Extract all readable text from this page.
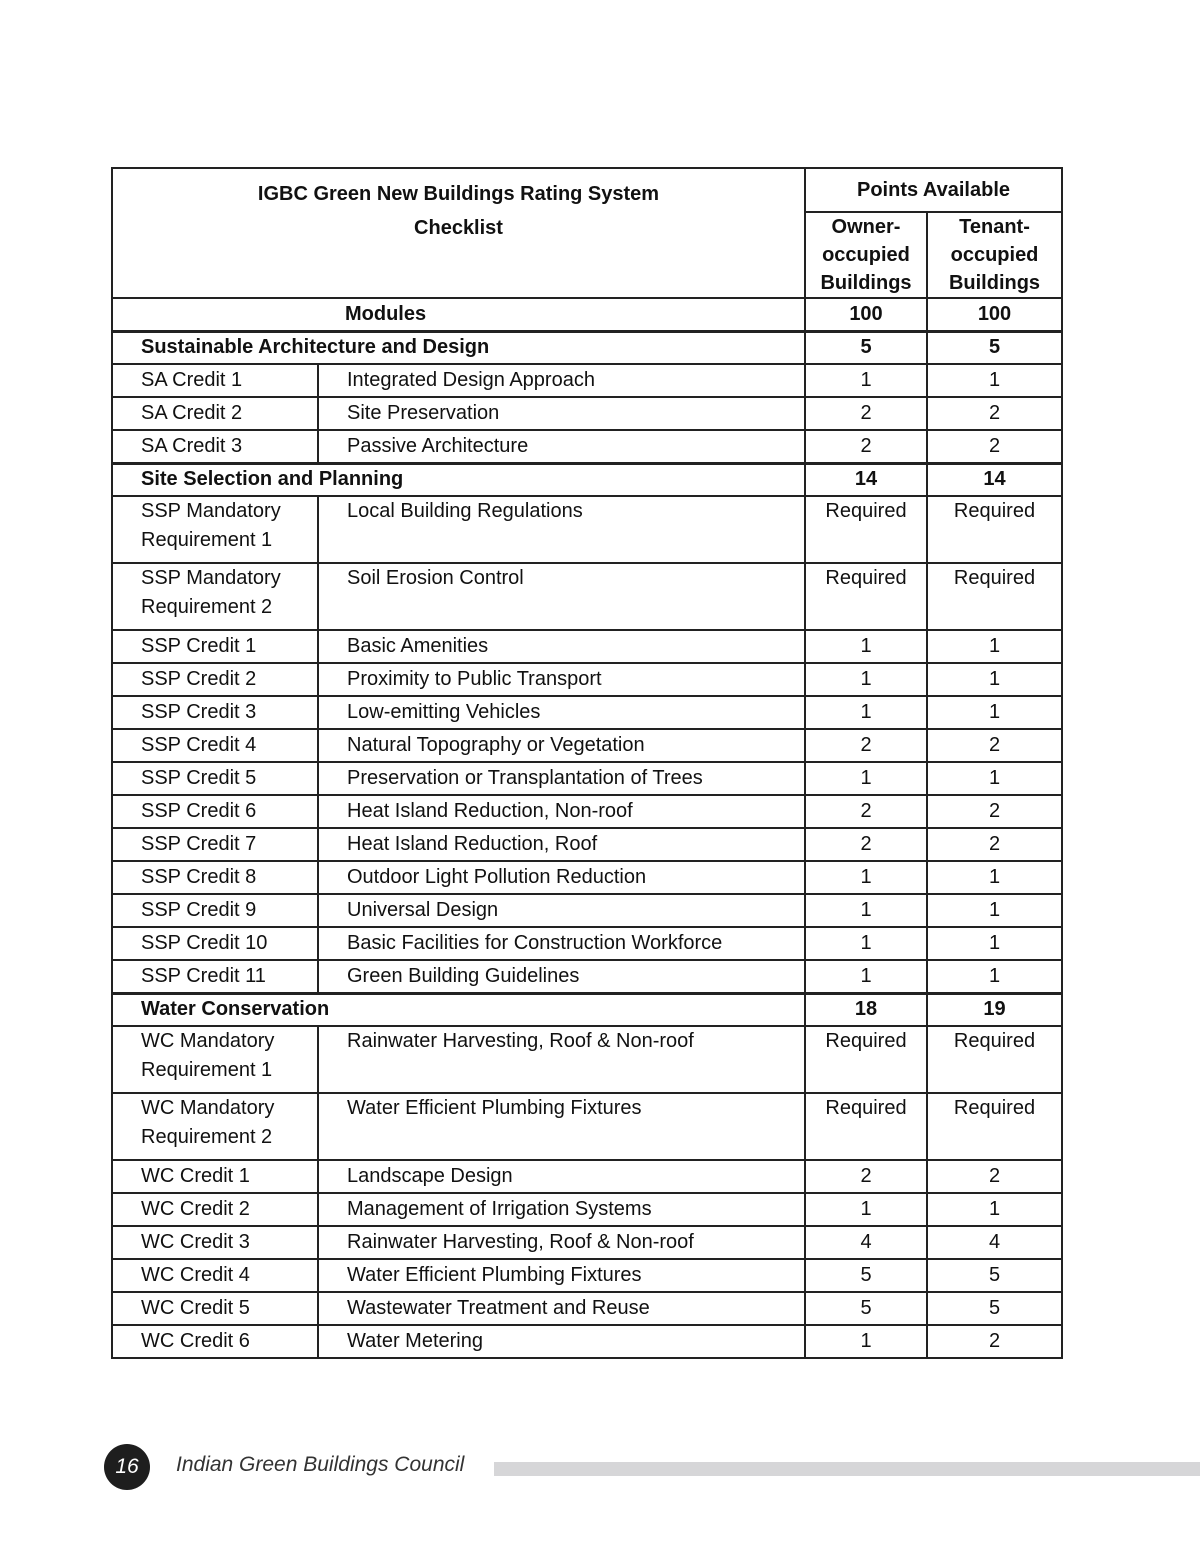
IGBC Green New Buildings Rating System
Checklist		Points Available	
		Owner-occupied Buildings	Tenant-occupied Buildings
Modules		100	100
Sustainable Architecture and Design		5	5
SA Credit 1	Integrated Design Approach	1	1
SA Credit 2	Site Preservation	2	2
SA Credit 3	Passive Architecture	2	2
Site Selection and Planning		14	14
SSP Mandatory Requirement 1	Local Building Regulations	Required	Required
SSP Mandatory Requirement 2	Soil Erosion Control	Required	Required
SSP Credit 1	Basic Amenities	1	1
SSP Credit 2	Proximity to Public Transport	1	1
SSP Credit 3	Low-emitting Vehicles	1	1
SSP Credit 4	Natural Topography or Vegetation	2	2
SSP Credit 5	Preservation or Transplantation of Trees	1	1
SSP Credit 6	Heat Island Reduction, Non-roof	2	2
SSP Credit 7	Heat Island Reduction, Roof	2	2
SSP Credit 8	Outdoor Light Pollution Reduction	1	1
SSP Credit 9	Universal Design	1	1
SSP Credit 10	Basic Facilities for Construction Workforce	1	1
SSP Credit 11	Green Building Guidelines	1	1
Water Conservation		18	19
WC Mandatory Requirement 1	Rainwater Harvesting, Roof & Non-roof	Required	Required
WC Mandatory Requirement 2	Water Efficient Plumbing Fixtures	Required	Required
WC Credit 1	Landscape Design	2	2
WC Credit 2	Management of Irrigation Systems	1	1
WC Credit 3	Rainwater Harvesting, Roof & Non-roof	4	4
WC Credit 4	Water Efficient Plumbing Fixtures	5	5
WC Credit 5	Wastewater Treatment and Reuse	5	5
WC Credit 6	Water Metering	1	2
16	Indian Green Buildings Council
